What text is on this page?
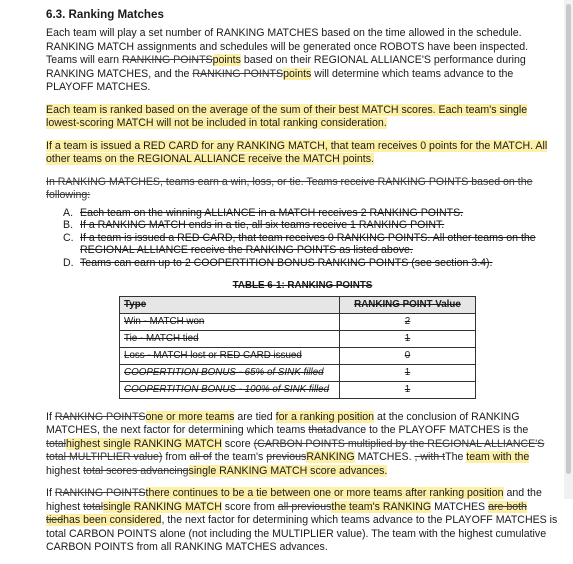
6.3. Ranking Matches

Each team will play a set number of RANKING MATCHES based on the time allowed in the schedule. RANKING MATCH assignments and schedules will be generated once ROBOTS have been inspected. Teams will earn RANKING POINTSpoints based on their REGIONAL ALLIANCE'S performance during RANKING MATCHES, and the RANKING POINTSpoints will determine which teams advance to the PLAYOFF MATCHES.

Each team is ranked based on the average of the sum of their best MATCH scores. Each team's single lowest-scoring MATCH will not be included in total ranking consideration.

If a team is issued a RED CARD for any RANKING MATCH, that team receives 0 points for the MATCH. All other teams on the REGIONAL ALLIANCE receive the MATCH points.

In RANKING MATCHES, teams earn a win, loss, or tie. Teams receive RANKING POINTS based on the following:

A. Each team on the winning ALLIANCE in a MATCH receives 2 RANKING POINTS.
B. If a RANKING MATCH ends in a tie, all six teams receive 1 RANKING POINT.
C. If a team is issued a RED CARD, that team receives 0 RANKING POINTS. All other teams on the REGIONAL ALLIANCE receive the RANKING POINTS as listed above.
D. Teams can earn up to 2 COOPERTITION BONUS RANKING POINTS (see section 3.4).
TABLE 6-1: RANKING POINTS
Type	RANKING POINT Value
Win - MATCH won	2
Tie - MATCH tied	1
Loss - MATCH lost or RED CARD issued	0
COOPERTITION BONUS - 65% of SINK filled	1
COOPERTITION BONUS - 100% of SINK filled	1

If RANKING POINTSone or more teams are tied for a ranking position at the conclusion of RANKING MATCHES, the next factor for determining which teams thatadvance to the PLAYOFF MATCHES is the totalhighest single RANKING MATCH score (CARBON POINTS multiplied by the REGIONAL ALLIANCE'S total MULTIPLIER value) from all of the team's previousRANKING MATCHES. , with tThe team with the highest total scores advancingsingle RANKING MATCH score advances.

If RANKING POINTSthere continues to be a tie between one or more teams after ranking position and the highest totalsingle RANKING MATCH score from all previousthe team's RANKING MATCHES are both tiedhas been considered, the next factor for determining which teams advance to the PLAYOFF MATCHES is total CARBON POINTS alone (not including the MULTIPLIER value). The team with the highest cumulative CARBON POINTS from all RANKING MATCHES advances.
